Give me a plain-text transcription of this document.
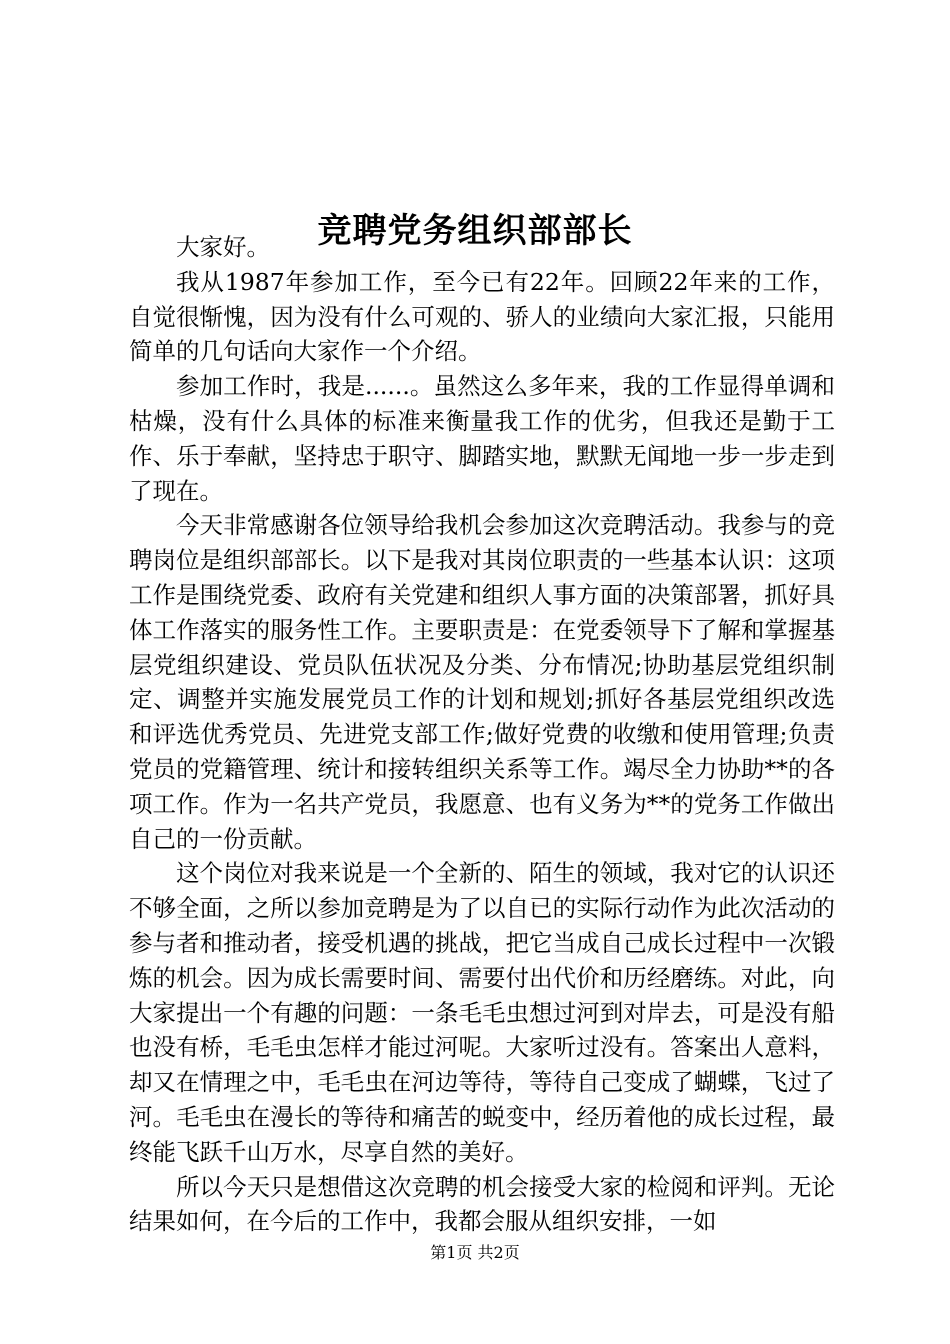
竞聘党务组织部部长

大家好。

我从1987年参加工作，至今已有22年。回顾22年来的工作，自觉很惭愧，因为没有什么可观的、骄人的业绩向大家汇报，只能用简单的几句话向大家作一个介绍。

参加工作时，我是......。虽然这么多年来，我的工作显得单调和枯燥，没有什么具体的标准来衡量我工作的优劣，但我还是勤于工作、乐于奉献，坚持忠于职守、脚踏实地，默默无闻地一步一步走到了现在。

今天非常感谢各位领导给我机会参加这次竞聘活动。我参与的竞聘岗位是组织部部长。以下是我对其岗位职责的一些基本认识：这项工作是围绕党委、政府有关党建和组织人事方面的决策部署，抓好具体工作落实的服务性工作。主要职责是：在党委领导下了解和掌握基层党组织建设、党员队伍状况及分类、分布情况;协助基层党组织制定、调整并实施发展党员工作的计划和规划;抓好各基层党组织改选和评选优秀党员、先进党支部工作;做好党费的收缴和使用管理;负责党员的党籍管理、统计和接转组织关系等工作。竭尽全力协助**的各项工作。作为一名共产党员，我愿意、也有义务为**的党务工作做出自己的一份贡献。

这个岗位对我来说是一个全新的、陌生的领域，我对它的认识还不够全面，之所以参加竞聘是为了以自已的实际行动作为此次活动的参与者和推动者，接受机遇的挑战，把它当成自己成长过程中一次锻炼的机会。因为成长需要时间、需要付出代价和历经磨练。对此，向大家提出一个有趣的问题：一条毛毛虫想过河到对岸去，可是没有船也没有桥，毛毛虫怎样才能过河呢。大家听过没有。答案出人意料，却又在情理之中，毛毛虫在河边等待，等待自己变成了蝴蝶，飞过了河。毛毛虫在漫长的等待和痛苦的蜕变中，经历着他的成长过程，最终能飞跃千山万水，尽享自然的美好。

所以今天只是想借这次竞聘的机会接受大家的检阅和评判。无论结果如何，在今后的工作中，我都会服从组织安排，一如

第1页 共2页
